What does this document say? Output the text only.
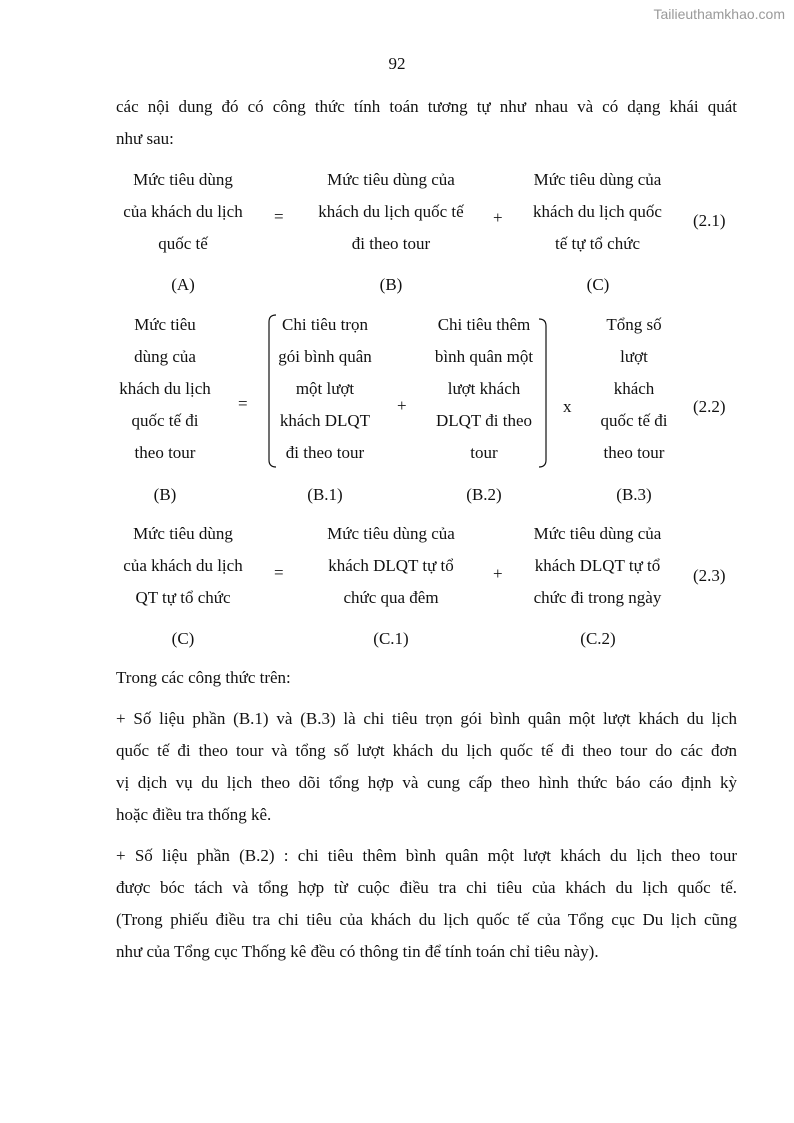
Tailieuthamkhao.com
92
các nội dung đó có công thức tính toán tương tự như nhau và có dạng khái quát
như sau:
Mức tiêu dùng
của khách du lịch
quốc tế
=
Mức tiêu dùng của
khách du lịch quốc tế
đi theo tour
+
Mức tiêu dùng của
khách du lịch quốc
tế tự tổ chức
(2.1)
(A)	(B)	(C)
Mức tiêu
dùng của
khách du lịch
quốc tế đi
theo tour
=
Chi tiêu trọn
gói bình quân
một lượt
khách DLQT
đi theo tour
+
Chi tiêu thêm
bình quân một
lượt khách
DLQT đi theo
tour
x
Tổng số
lượt
khách
quốc tế đi
theo tour
(2.2)
(B)	(B.1)	(B.2)	(B.3)
Mức tiêu dùng
của khách du lịch
QT tự tổ chức
=
Mức tiêu dùng của
khách DLQT tự tổ
chức qua đêm
+
Mức tiêu dùng của
khách DLQT tự tổ
chức đi trong ngày
(2.3)
(C)	(C.1)	(C.2)
Trong các công thức trên:
+ Số liệu phần (B.1) và (B.3) là chi tiêu trọn gói bình quân một lượt khách du lịch
quốc tế đi theo tour và tổng số lượt khách du lịch quốc tế đi theo tour do các đơn
vị dịch vụ du lịch theo dõi tổng hợp và cung cấp theo hình thức báo cáo định kỳ
hoặc điều tra thống kê.
+ Số liệu phần (B.2) : chi tiêu thêm bình quân một lượt khách du lịch theo tour
được bóc tách và tổng hợp từ cuộc điều tra chi tiêu của khách du lịch quốc tế.
(Trong phiếu điều tra chi tiêu của khách du lịch quốc tế của Tổng cục Du lịch cũng
như của Tổng cục Thống kê đều có thông tin để tính toán chỉ tiêu này).
